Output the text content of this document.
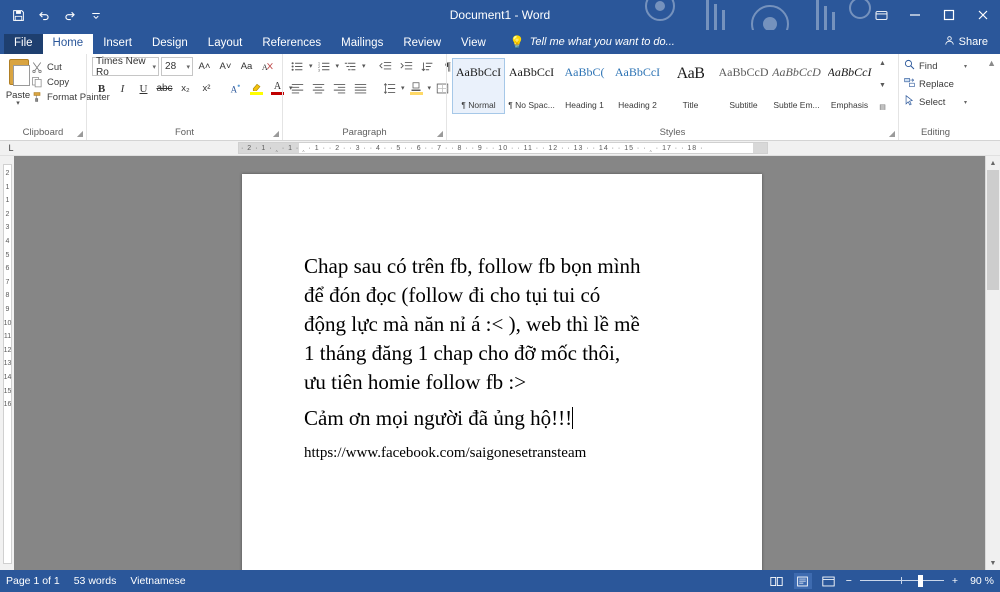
Document1 - Word
File	Home	Insert	Design	Layout	References	Mailings	Review	View	💡 Tell me what you want to do...	Share
Paste
▾
Cut
Copy
Format Painter
Clipboard	◢
Times New Ro	▾ 28 ▾ A˄ A˅ Aa A
B I U abc x₂	x²	A	A ▾
Font	◢
▾ 1
2
3
▾	▾	¶
▾	▾
Paragraph	◢
AaBbCcI
¶ Normal
AaBbCcI
¶ No Spac...
AaBbC(
Heading 1
AaBbCcI
Heading 2
AaB
Title
AaBbCcD
Subtitle
AaBbCcD
Subtle Em...
AaBbCcI
Emphasis
▲
▼
▤
Styles	◢
Find	▾
Replace
Select	▾
Editing
▲
L	· 2 · 1 · ‸ · 1 · ‸ · 1 · · 2 · · 3 · · 4 · · 5 · · 6 · · 7 · · 8 · · 9 · · 10 · · 11 · · 12 · · 13 · · 14 · · 15 · · ‸ · 17 · · 18 ·
2
1
1
2
3
4
5
6
7
8
9
10
11
12
13
14
15
16
Chap sau có trên fb, follow fb bọn mình
để đón đọc (follow đi cho tụi tui có
động lực mà năn nỉ á :< ), web thì lề mề
1 tháng đăng 1 chap cho đỡ mốc thôi,
ưu tiên homie follow fb :>
Cảm ơn mọi người đã ủng hộ!!!
https://www.facebook.com/saigonesetransteam
▲
▼
Page 1 of 1 53 words Vietnamese	−	+	90 %
